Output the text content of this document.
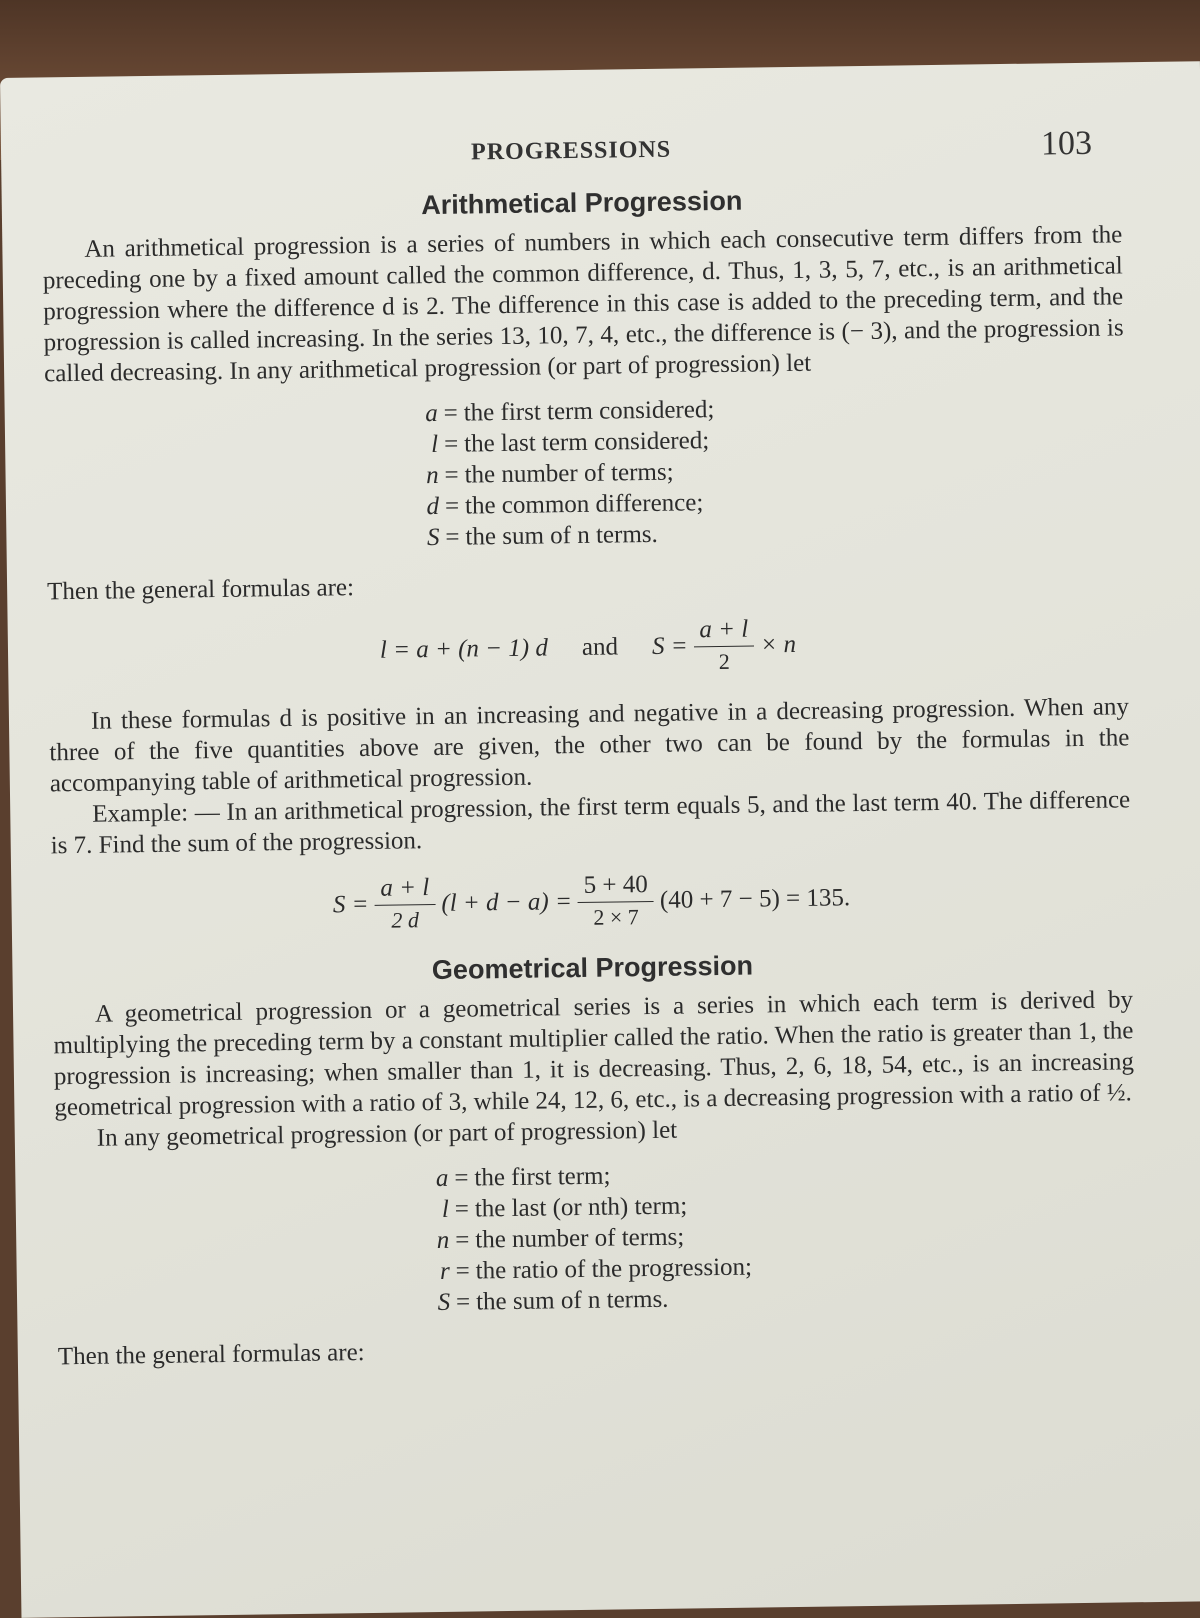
PROGRESSIONS	103
Arithmetical Progression

An arithmetical progression is a series of numbers in which each consecutive term differs from the preceding one by a fixed amount called the common difference, d. Thus, 1, 3, 5, 7, etc., is an arithmetical progression where the difference d is 2. The difference in this case is added to the preceding term, and the progression is called increasing. In the series 13, 10, 7, 4, etc., the difference is (− 3), and the progression is called decreasing. In any arithmetical progression (or part of progression) let

a = the first term considered;
l = the last term considered;
n = the number of terms;
d = the common difference;
S = the sum of n terms.

Then the general formulas are:

l = a + (n − 1) d and $S = \frac{a + l}{2} \times n$

In these formulas d is positive in an increasing and negative in a decreasing progression. When any three of the five quantities above are given, the other two can be found by the formulas in the accompanying table of arithmetical progression.

Example: — In an arithmetical progression, the first term equals 5, and the last term 40. The difference is 7. Find the sum of the progression.

$S = \frac{a + l}{2 d} (l + d - a) = \frac{5 + 40}{2 \times 7} (40 + 7 - 5) = 135$.
Geometrical Progression

A geometrical progression or a geometrical series is a series in which each term is derived by multiplying the preceding term by a constant multiplier called the ratio. When the ratio is greater than 1, the progression is increasing; when smaller than 1, it is decreasing. Thus, 2, 6, 18, 54, etc., is an increasing geometrical progression with a ratio of 3, while 24, 12, 6, etc., is a decreasing progression with a ratio of ½.

In any geometrical progression (or part of progression) let

a = the first term;
l = the last (or nth) term;
n = the number of terms;
r = the ratio of the progression;
S = the sum of n terms.

Then the general formulas are:
